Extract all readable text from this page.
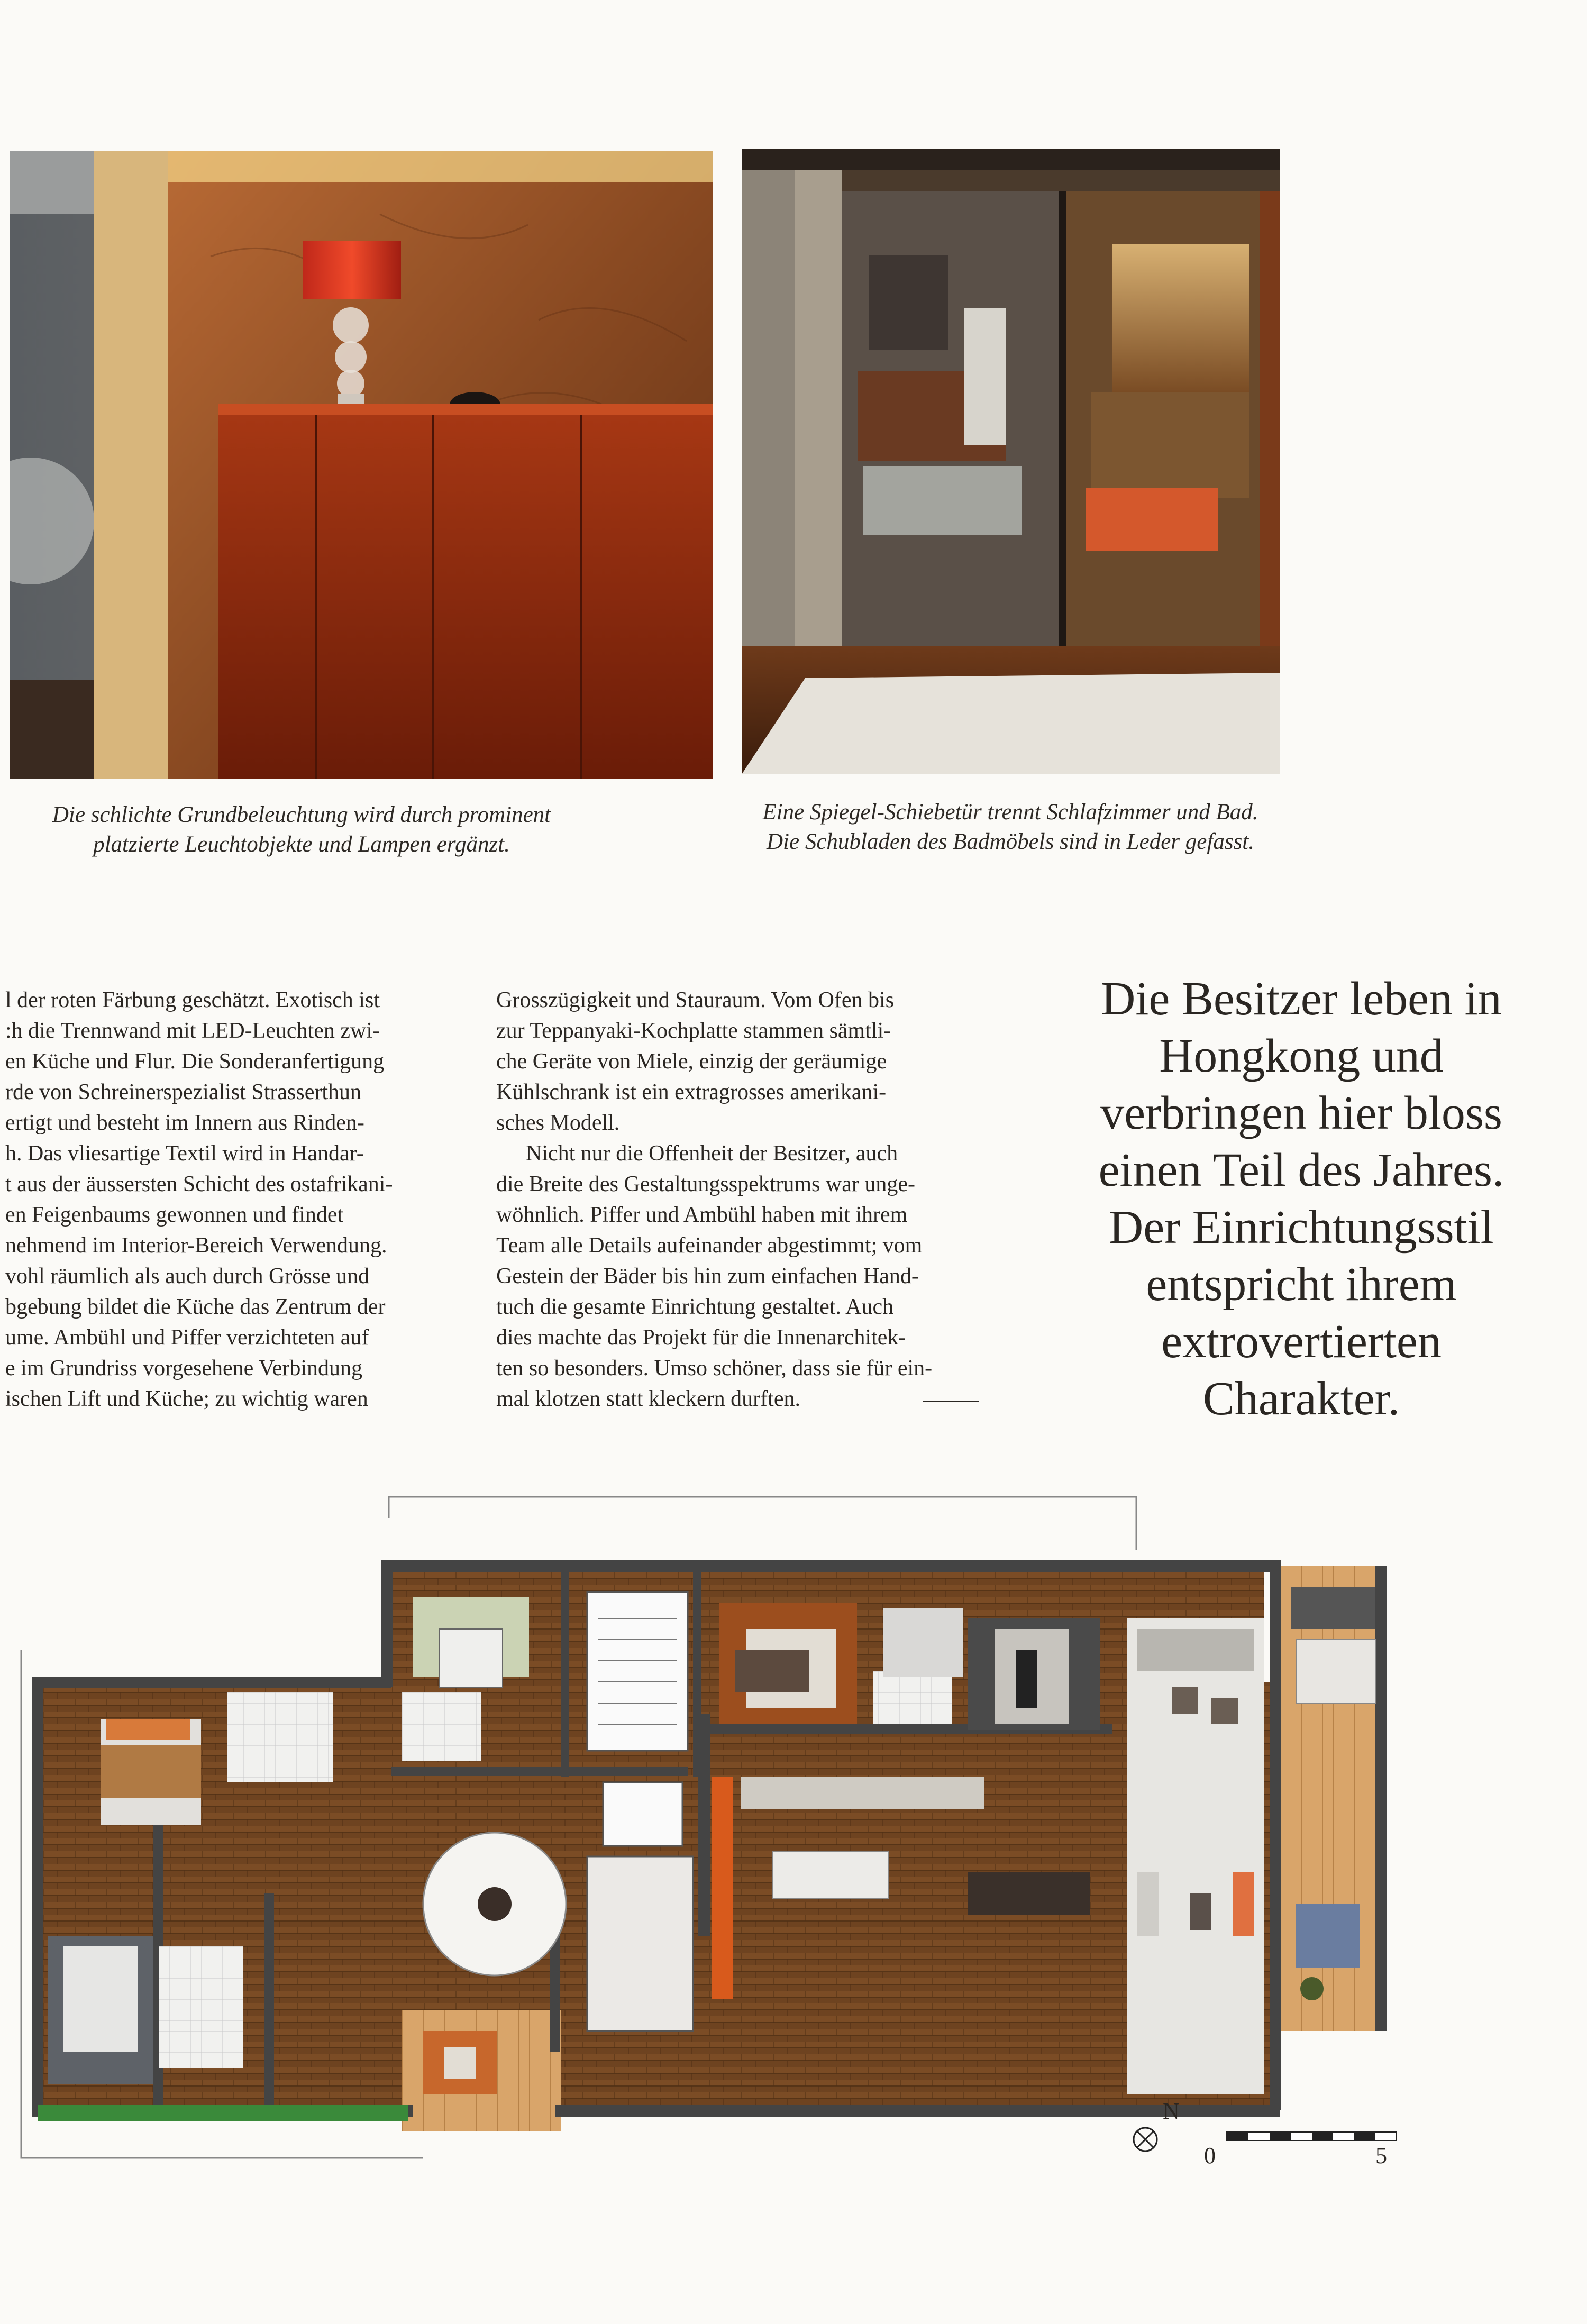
Die schlichte Grundbeleuchtung wird durch prominent
platzierte Leuchtobjekte und Lampen ergänzt.
Eine Spiegel-Schiebetür trennt Schlafzimmer und Bad.
Die Schubladen des Badmöbels sind in Leder gefasst.
l der roten Färbung geschätzt. Exotisch ist
:h die Trennwand mit LED-Leuchten zwi-
en Küche und Flur. Die Sonderanfertigung
rde von Schreinerspezialist Strasserthun
ertigt und besteht im Innern aus Rinden-
h. Das vliesartige Textil wird in Handar-
t aus der äussersten Schicht des ostafrikani-
en Feigenbaums gewonnen und findet
nehmend im Interior-Bereich Verwendung.
vohl räumlich als auch durch Grösse und
bgebung bildet die Küche das Zentrum der
ume. Ambühl und Piffer verzichteten auf
e im Grundriss vorgesehene Verbindung
ischen Lift und Küche; zu wichtig waren
Grosszügigkeit und Stauraum. Vom Ofen bis
zur Teppanyaki-Kochplatte stammen sämtli-
che Geräte von Miele, einzig der geräumige
Kühlschrank ist ein extragrosses amerikani-
sches Modell.
Nicht nur die Offenheit der Besitzer, auch
die Breite des Gestaltungsspektrums war unge-
wöhnlich. Piffer und Ambühl haben mit ihrem
Team alle Details aufeinander abgestimmt; vom
Gestein der Bäder bis hin zum einfachen Hand-
tuch die gesamte Einrichtung gestaltet. Auch
dies machte das Projekt für die Innenarchitek-
ten so besonders. Umso schöner, dass sie für ein-
mal klotzen statt kleckern durften.
Die Besitzer leben in
Hongkong und
verbringen hier bloss
einen Teil des Jahres.
Der Einrichtungsstil
entspricht ihrem
extrovertierten
Charakter.
N
0	5
